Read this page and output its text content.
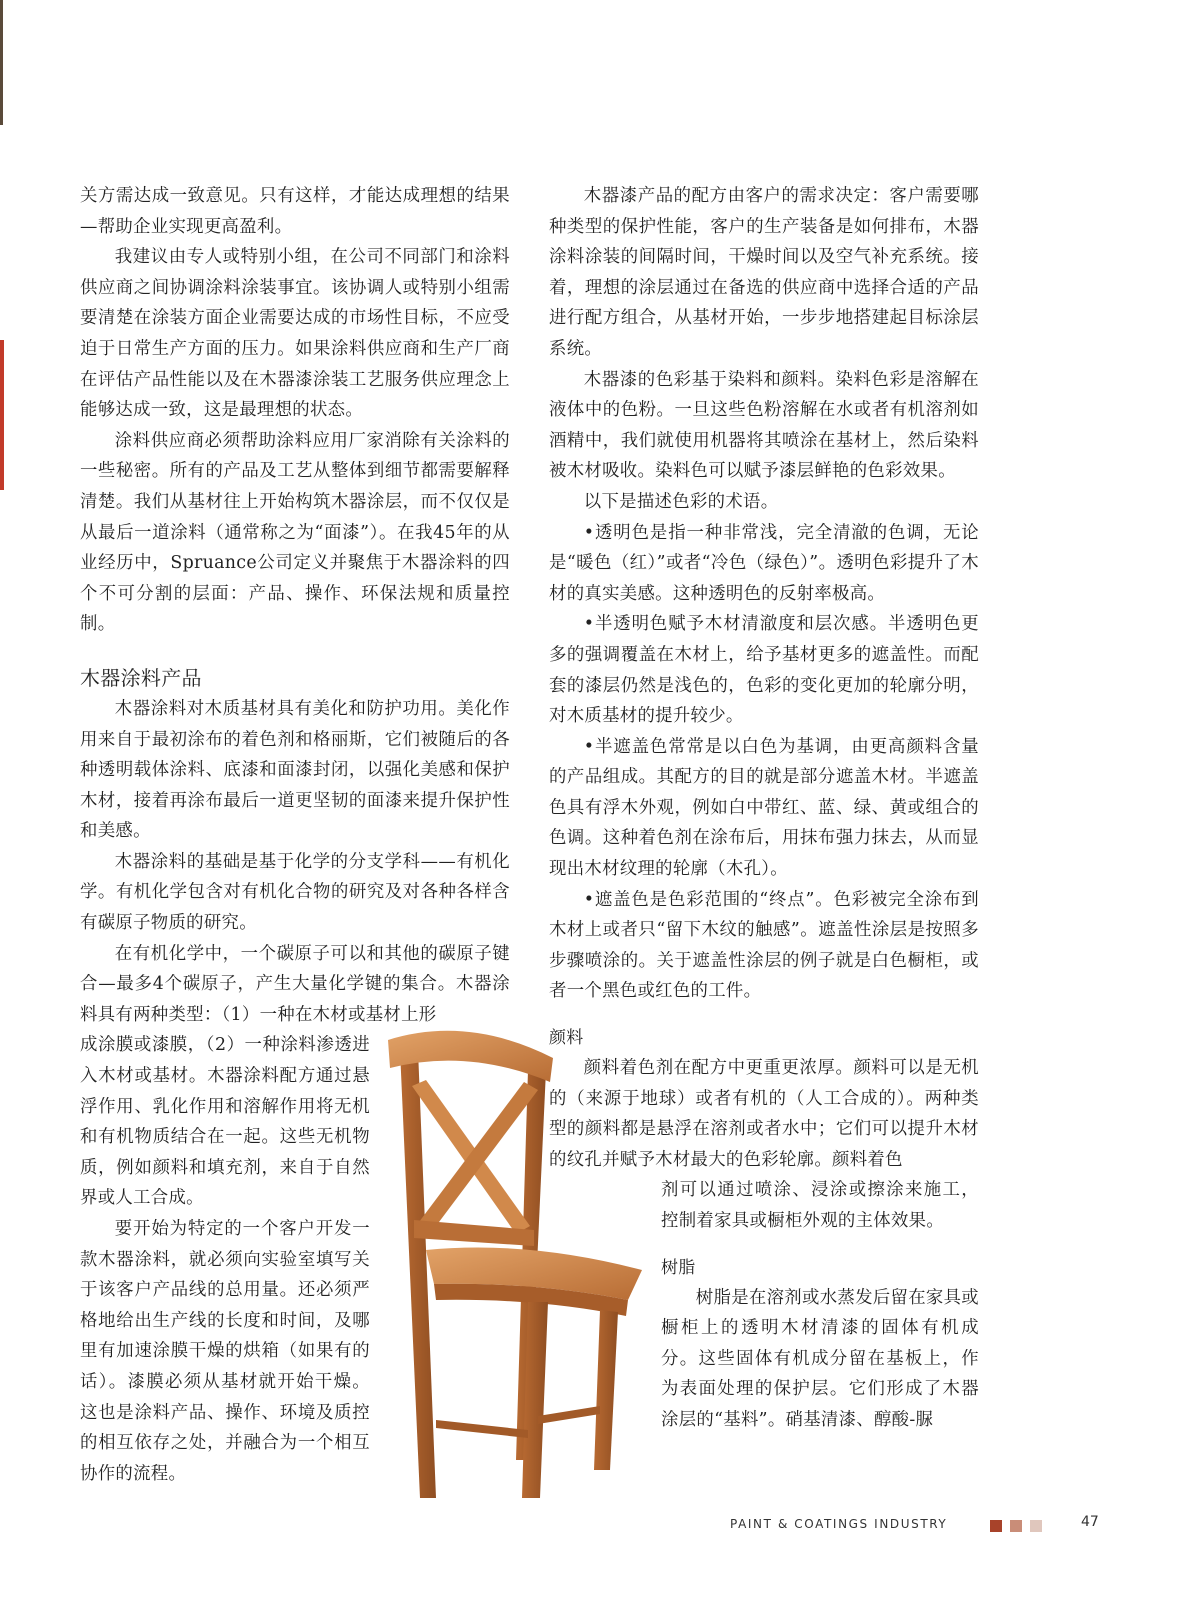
关方需达成一致意见。只有这样，才能达成理想的结果—帮助企业实现更高盈利。

我建议由专人或特别小组，在公司不同部门和涂料供应商之间协调涂料涂装事宜。该协调人或特别小组需要清楚在涂装方面企业需要达成的市场性目标，不应受迫于日常生产方面的压力。如果涂料供应商和生产厂商在评估产品性能以及在木器漆涂装工艺服务供应理念上能够达成一致，这是最理想的状态。

涂料供应商必须帮助涂料应用厂家消除有关涂料的一些秘密。所有的产品及工艺从整体到细节都需要解释清楚。我们从基材往上开始构筑木器涂层，而不仅仅是从最后一道涂料（通常称之为“面漆”）。在我45年的从业经历中，Spruance公司定义并聚焦于木器涂料的四个不可分割的层面：产品、操作、环保法规和质量控制。

木器涂料产品

木器涂料对木质基材具有美化和防护功用。美化作用来自于最初涂布的着色剂和格丽斯，它们被随后的各种透明载体涂料、底漆和面漆封闭，以强化美感和保护木材，接着再涂布最后一道更坚韧的面漆来提升保护性和美感。

木器涂料的基础是基于化学的分支学科——有机化学。有机化学包含对有机化合物的研究及对各种各样含有碳原子物质的研究。

在有机化学中，一个碳原子可以和其他的碳原子键合—最多4个碳原子，产生大量化学键的集合。木器涂料具有两种类型：（1）一种在木材或基材上形

成涂膜或漆膜，（2）一种涂料渗透进入木材或基材。木器涂料配方通过悬浮作用、乳化作用和溶解作用将无机和有机物质结合在一起。这些无机物质，例如颜料和填充剂，来自于自然界或人工合成。

要开始为特定的一个客户开发一款木器涂料，就必须向实验室填写关于该客户产品线的总用量。还必须严格地给出生产线的长度和时间，及哪里有加速涂膜干燥的烘箱（如果有的话）。漆膜必须从基材就开始干燥。这也是涂料产品、操作、环境及质控的相互依存之处，并融合为一个相互协作的流程。

木器漆产品的配方由客户的需求决定：客户需要哪种类型的保护性能，客户的生产装备是如何排布，木器涂料涂装的间隔时间，干燥时间以及空气补充系统。接着，理想的涂层通过在备选的供应商中选择合适的产品进行配方组合，从基材开始，一步步地搭建起目标涂层系统。

木器漆的色彩基于染料和颜料。染料色彩是溶解在液体中的色粉。一旦这些色粉溶解在水或者有机溶剂如酒精中，我们就使用机器将其喷涂在基材上，然后染料被木材吸收。染料色可以赋予漆层鲜艳的色彩效果。

以下是描述色彩的术语。

•透明色是指一种非常浅，完全清澈的色调，无论是“暖色（红）”或者“冷色（绿色）”。透明色彩提升了木材的真实美感。这种透明色的反射率极高。

•半透明色赋予木材清澈度和层次感。半透明色更多的强调覆盖在木材上，给予基材更多的遮盖性。而配套的漆层仍然是浅色的，色彩的变化更加的轮廓分明，对木质基材的提升较少。

•半遮盖色常常是以白色为基调，由更高颜料含量的产品组成。其配方的目的就是部分遮盖木材。半遮盖色具有浮木外观，例如白中带红、蓝、绿、黄或组合的色调。这种着色剂在涂布后，用抹布强力抹去，从而显现出木材纹理的轮廓（木孔）。

•遮盖色是色彩范围的“终点”。色彩被完全涂布到木材上或者只“留下木纹的触感”。遮盖性涂层是按照多步骤喷涂的。关于遮盖性涂层的例子就是白色橱柜，或者一个黑色或红色的工件。

颜料

颜料着色剂在配方中更重更浓厚。颜料可以是无机的（来源于地球）或者有机的（人工合成的）。两种类型的颜料都是悬浮在溶剂或者水中；它们可以提升木材的纹孔并赋予木材最大的色彩轮廓。颜料着色

剂可以通过喷涂、浸涂或擦涂来施工，控制着家具或橱柜外观的主体效果。

树脂

树脂是在溶剂或水蒸发后留在家具或橱柜上的透明木材清漆的固体有机成分。这些固体有机成分留在基板上，作为表面处理的保护层。它们形成了木器涂层的“基料”。硝基清漆、醇酸-脲

PAINT & COATINGS INDUSTRY	47
